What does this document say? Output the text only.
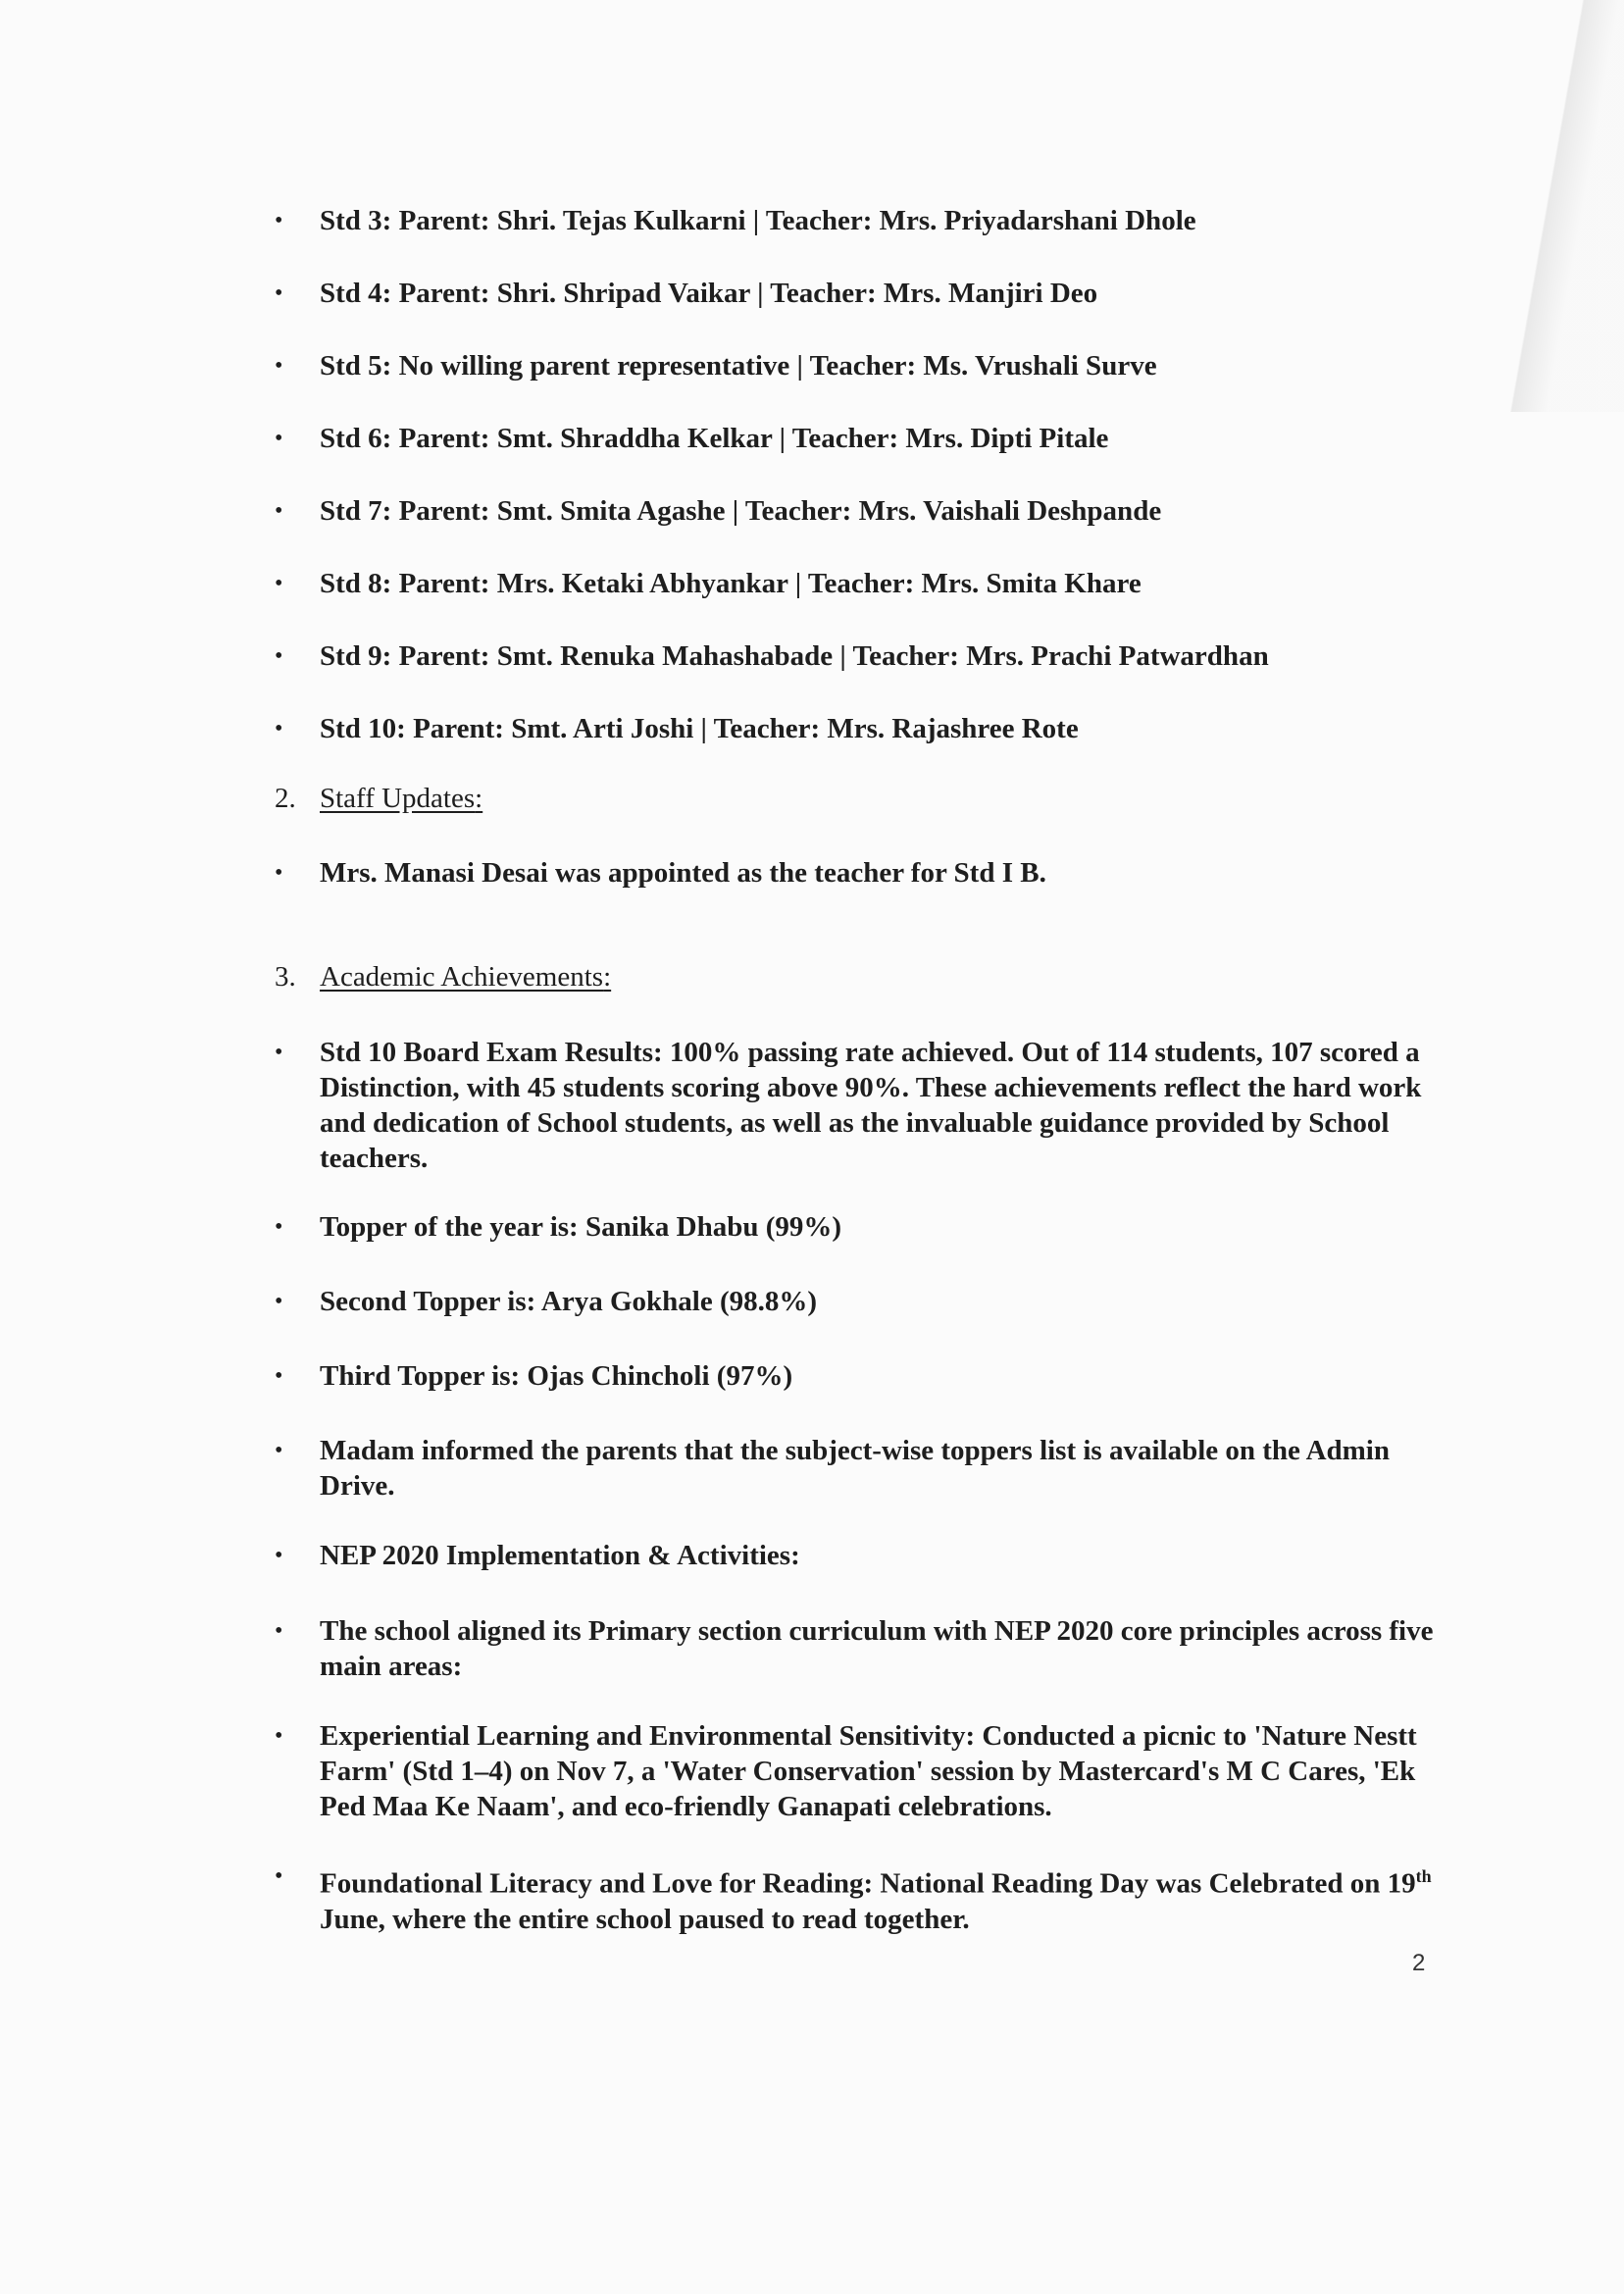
• Std 3: Parent: Shri. Tejas Kulkarni | Teacher: Mrs. Priyadarshani Dhole
• Std 4: Parent: Shri. Shripad Vaikar | Teacher: Mrs. Manjiri Deo
• Std 5: No willing parent representative | Teacher: Ms. Vrushali Surve
• Std 6: Parent: Smt. Shraddha Kelkar | Teacher: Mrs. Dipti Pitale
• Std 7: Parent: Smt. Smita Agashe | Teacher: Mrs. Vaishali Deshpande
• Std 8: Parent: Mrs. Ketaki Abhyankar | Teacher: Mrs. Smita Khare
• Std 9: Parent: Smt. Renuka Mahashabade | Teacher: Mrs. Prachi Patwardhan
• Std 10: Parent: Smt. Arti Joshi | Teacher: Mrs. Rajashree Rote
2. Staff Updates:
• Mrs. Manasi Desai was appointed as the teacher for Std I B.
3. Academic Achievements:
• Std 10 Board Exam Results: 100% passing rate achieved. Out of 114 students, 107 scored a Distinction, with 45 students scoring above 90%. These achievements reflect the hard work and dedication of School students, as well as the invaluable guidance provided by School teachers.
• Topper of the year is: Sanika Dhabu (99%)
• Second Topper is: Arya Gokhale (98.8%)
• Third Topper is: Ojas Chincholi (97%)
• Madam informed the parents that the subject-wise toppers list is available on the Admin Drive.
• NEP 2020 Implementation & Activities:
• The school aligned its Primary section curriculum with NEP 2020 core principles across five main areas:
• Experiential Learning and Environmental Sensitivity: Conducted a picnic to 'Nature Nestt Farm' (Std 1–4) on Nov 7, a 'Water Conservation' session by Mastercard's M C Cares, 'Ek Ped Maa Ke Naam', and eco-friendly Ganapati celebrations.
• Foundational Literacy and Love for Reading: National Reading Day was Celebrated on 19th June, where the entire school paused to read together.
2
